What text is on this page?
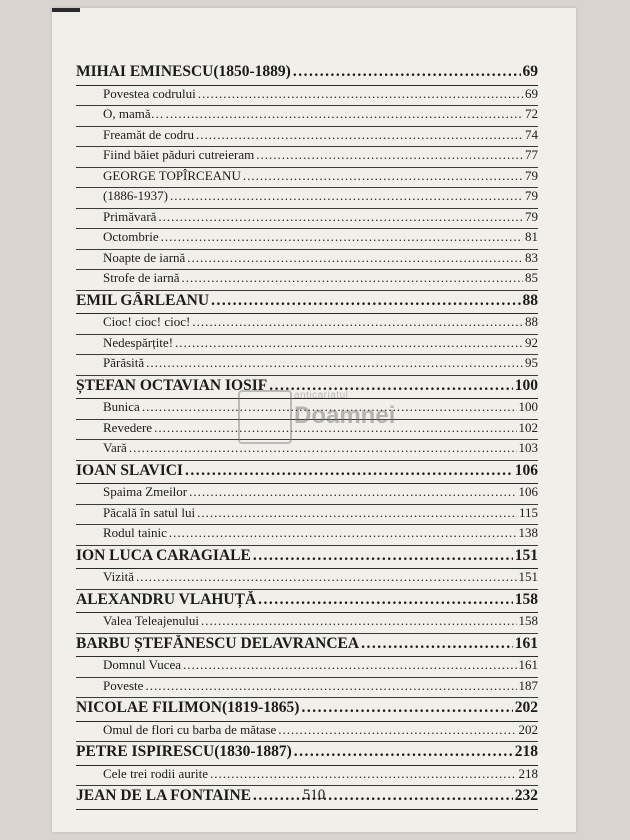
MIHAI EMINESCU(1850-1889) .....	69
Povestea codrului .....	69
O, mamă… .....	72
Freamăt de codru .....	74
Fiind băiet păduri cutreieram .....	77
GEORGE TOPÎRCEANU .....	79
(1886-1937) .....	79
Primăvară .....	79
Octombrie .....	81
Noapte de iarnă .....	83
Strofe de iarnă .....	85
EMIL GÂRLEANU .....	88
Cioc! cioc! cioc! .....	88
Nedespărțite! .....	92
Părăsită .....	95
ȘTEFAN OCTAVIAN IOSIF .....	100
Bunica .....	100
Revedere .....	102
Vară .....	103
IOAN SLAVICI .....	106
Spaima Zmeilor .....	106
Păcală în satul lui .....	115
Rodul tainic .....	138
ION LUCA CARAGIALE .....	151
Vizită .....	151
ALEXANDRU VLAHUȚĂ .....	158
Valea Teleajenului .....	158
BARBU ȘTEFĂNESCU DELAVRANCEA .....	161
Domnul Vucea .....	161
Poveste .....	187
NICOLAE FILIMON(1819-1865) .....	202
Omul de flori cu barba de mătase .....	202
PETRE ISPIRESCU(1830-1887) .....	218
Cele trei rodii aurite .....	218
JEAN DE LA FONTAINE .....	232
anticariatul
Doamnei
510
